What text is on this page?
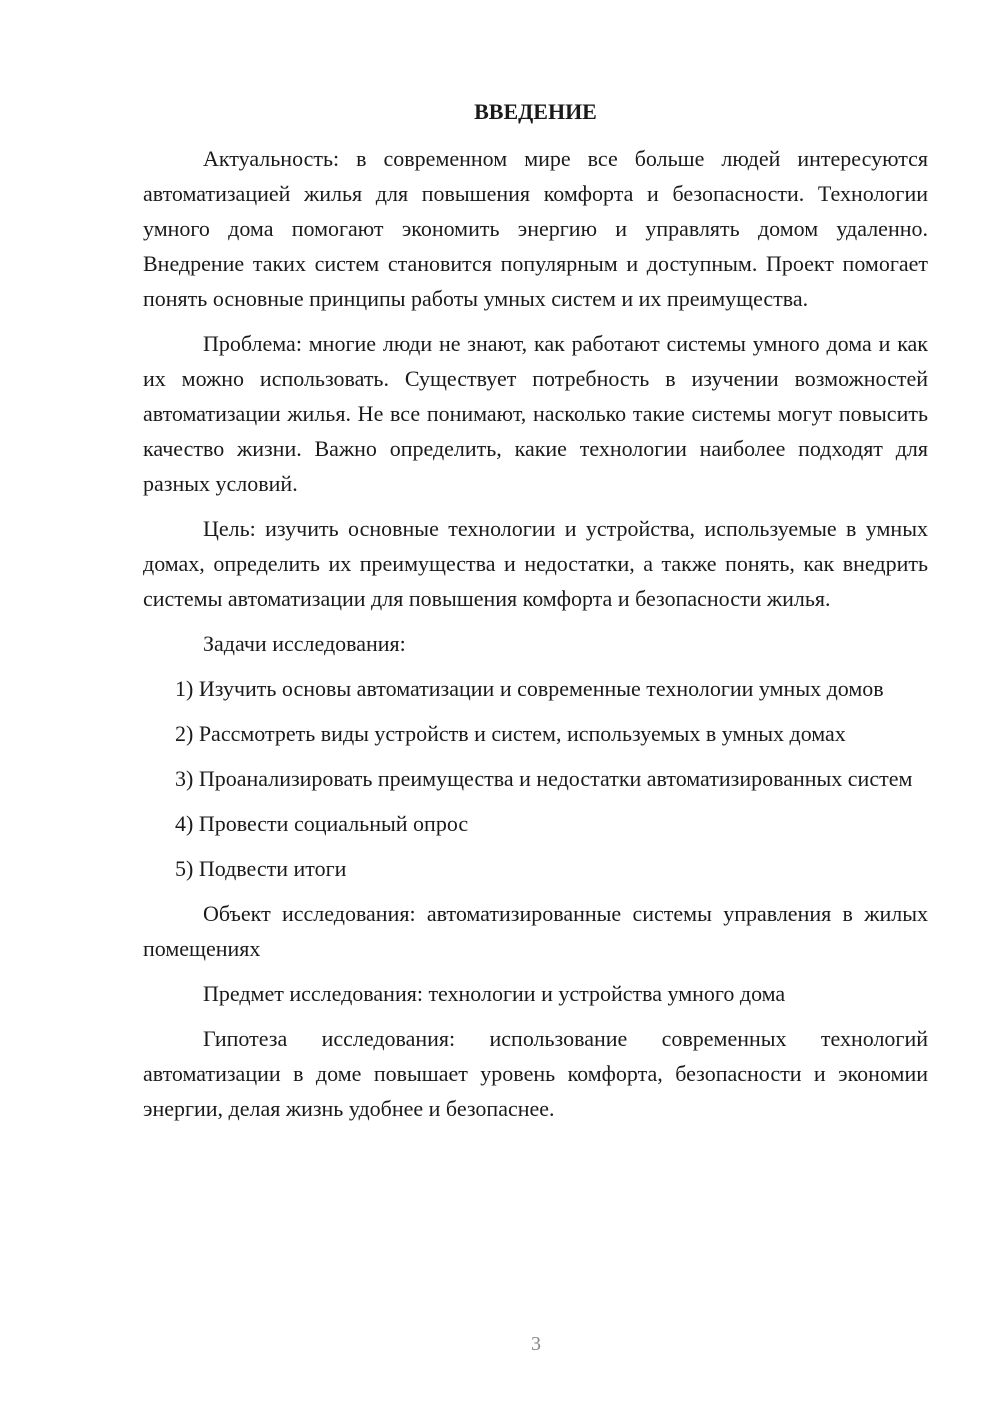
ВВЕДЕНИЕ

Актуальность: в современном мире все больше людей интересуются автоматизацией жилья для повышения комфорта и безопасности. Технологии умного дома помогают экономить энергию и управлять домом удаленно. Внедрение таких систем становится популярным и доступным. Проект помогает понять основные принципы работы умных систем и их преимущества.

Проблема: многие люди не знают, как работают системы умного дома и как их можно использовать. Существует потребность в изучении возможностей автоматизации жилья. Не все понимают, насколько такие системы могут повысить качество жизни. Важно определить, какие технологии наиболее подходят для разных условий.

Цель: изучить основные технологии и устройства, используемые в умных домах, определить их преимущества и недостатки, а также понять, как внедрить системы автоматизации для повышения комфорта и безопасности жилья.

Задачи исследования:

1) Изучить основы автоматизации и современные технологии умных домов

2) Рассмотреть виды устройств и систем, используемых в умных домах

3) Проанализировать преимущества и недостатки автоматизированных систем

4) Провести социальный опрос

5) Подвести итоги

Объект исследования: автоматизированные системы управления в жилых помещениях

Предмет исследования: технологии и устройства умного дома

Гипотеза исследования: использование современных технологий автоматизации в доме повышает уровень комфорта, безопасности и экономии энергии, делая жизнь удобнее и безопаснее.

3
